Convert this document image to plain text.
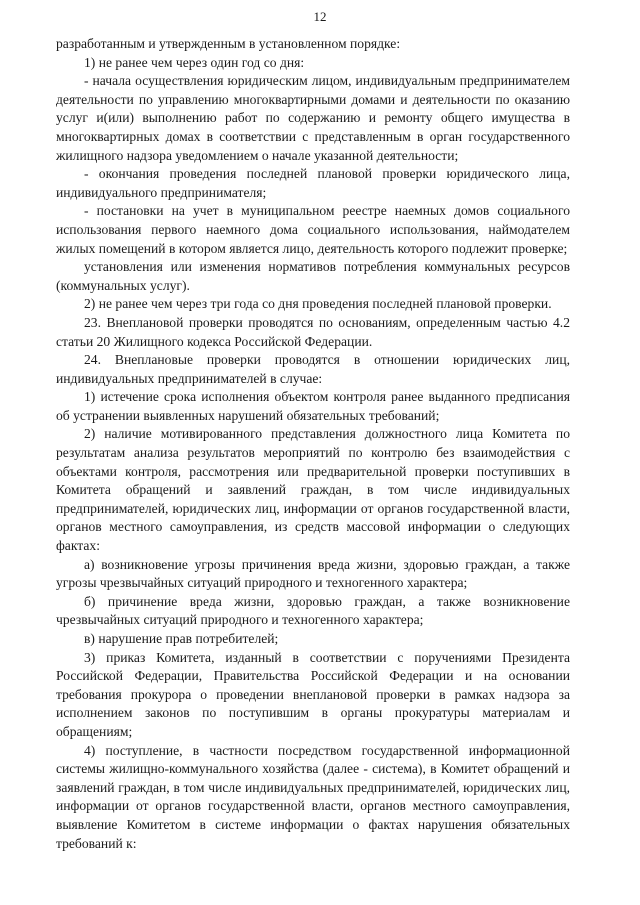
12

разработанным и утвержденным в установленном порядке:

1) не ранее чем через один год со дня:

- начала осуществления юридическим лицом, индивидуальным предпринимателем деятельности по управлению многоквартирными домами и деятельности по оказанию услуг и(или) выполнению работ по содержанию и ремонту общего имущества в многоквартирных домах в соответствии с представленным в орган государственного жилищного надзора уведомлением о начале указанной деятельности;

- окончания проведения последней плановой проверки юридического лица, индивидуального предпринимателя;

- постановки на учет в муниципальном реестре наемных домов социального использования первого наемного дома социального использования, наймодателем жилых помещений в котором является лицо, деятельность которого подлежит проверке;

установления или изменения нормативов потребления коммунальных ресурсов (коммунальных услуг).

2) не ранее чем через три года со дня проведения последней плановой проверки.

23. Внеплановой проверки проводятся по основаниям, определенным частью 4.2 статьи 20 Жилищного кодекса Российской Федерации.

24. Внеплановые проверки проводятся в отношении юридических лиц, индивидуальных предпринимателей в случае:

1) истечение срока исполнения объектом контроля ранее выданного предписания об устранении выявленных нарушений обязательных требований;

2) наличие мотивированного представления должностного лица Комитета по результатам анализа результатов мероприятий по контролю без взаимодействия с объектами контроля, рассмотрения или предварительной проверки поступивших в Комитета обращений и заявлений граждан, в том числе индивидуальных предпринимателей, юридических лиц, информации от органов государственной власти, органов местного самоуправления, из средств массовой информации о следующих фактах:

а) возникновение угрозы причинения вреда жизни, здоровью граждан, а также угрозы чрезвычайных ситуаций природного и техногенного характера;

б) причинение вреда жизни, здоровью граждан, а также возникновение чрезвычайных ситуаций природного и техногенного характера;

в) нарушение прав потребителей;

3) приказ Комитета, изданный в соответствии с поручениями Президента Российской Федерации, Правительства Российской Федерации и на основании требования прокурора о проведении внеплановой проверки в рамках надзора за исполнением законов по поступившим в органы прокуратуры материалам и обращениям;

4) поступление, в частности посредством государственной информационной системы жилищно-коммунального хозяйства (далее - система), в Комитет обращений и заявлений граждан, в том числе индивидуальных предпринимателей, юридических лиц, информации от органов государственной власти, органов местного самоуправления, выявление Комитетом в системе информации о фактах нарушения обязательных требований к:
